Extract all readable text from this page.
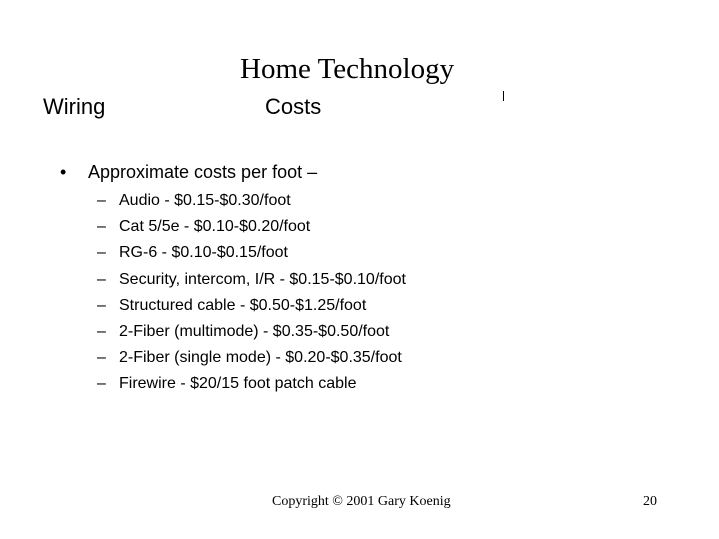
Home Technology
Wiring	Costs
• Approximate costs per foot –
– Audio - $0.15-$0.30/foot
– Cat 5/5e - $0.10-$0.20/foot
– RG-6 - $0.10-$0.15/foot
– Security, intercom, I/R - $0.15-$0.10/foot
– Structured cable - $0.50-$1.25/foot
– 2-Fiber (multimode) - $0.35-$0.50/foot
– 2-Fiber (single mode) - $0.20-$0.35/foot
– Firewire - $20/15 foot patch cable
Copyright © 2001 Gary Koenig	20
